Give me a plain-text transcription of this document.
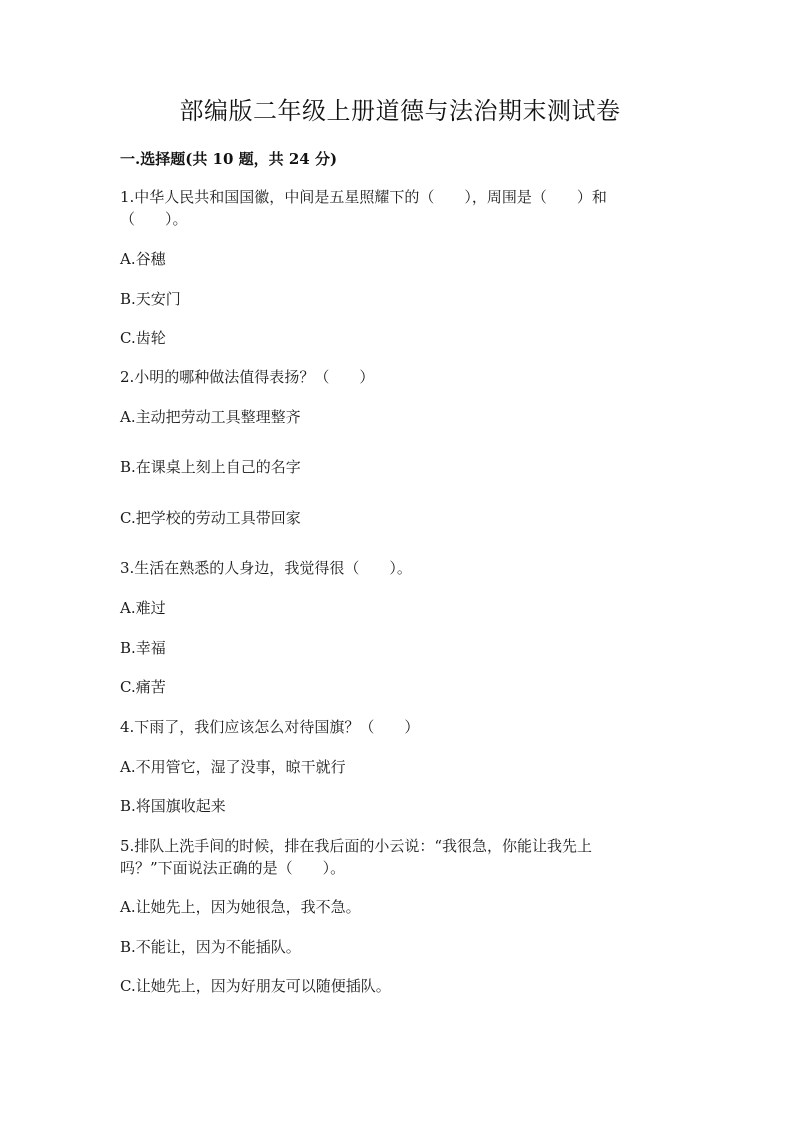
部编版二年级上册道德与法治期末测试卷
一.选择题(共 10 题，共 24 分)
1.中华人民共和国国徽，中间是五星照耀下的（　　），周围是（　　）和
（　　）。
A.谷穗
B.天安门
C.齿轮
2.小明的哪种做法值得表扬？（　　）
A.主动把劳动工具整理整齐
B.在课桌上刻上自己的名字
C.把学校的劳动工具带回家
3.生活在熟悉的人身边，我觉得很（　　）。
A.难过
B.幸福
C.痛苦
4.下雨了，我们应该怎么对待国旗？（　　）
A.不用管它，湿了没事，晾干就行
B.将国旗收起来
5.排队上洗手间的时候，排在我后面的小云说：“我很急，你能让我先上
吗？”下面说法正确的是（　　）。
A.让她先上，因为她很急，我不急。
B.不能让，因为不能插队。
C.让她先上，因为好朋友可以随便插队。
